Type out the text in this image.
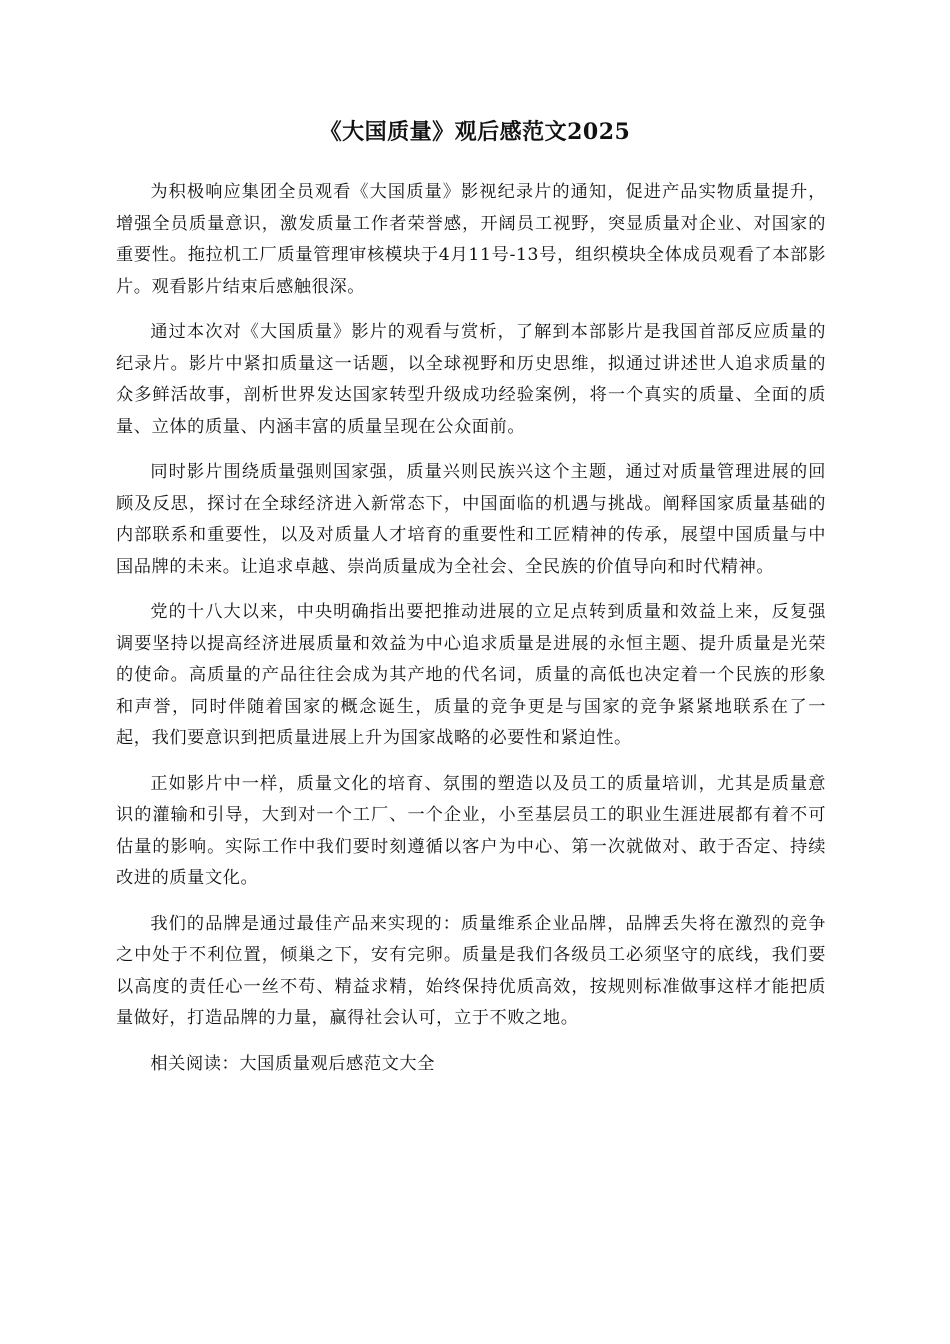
《大国质量》观后感范文2025

为积极响应集团全员观看《大国质量》影视纪录片的通知，促进产品实物质量提升，增强全员质量意识，激发质量工作者荣誉感，开阔员工视野，突显质量对企业、对国家的重要性。拖拉机工厂质量管理审核模块于4月11号-13号，组织模块全体成员观看了本部影片。观看影片结束后感触很深。

通过本次对《大国质量》影片的观看与赏析，了解到本部影片是我国首部反应质量的纪录片。影片中紧扣质量这一话题，以全球视野和历史思维，拟通过讲述世人追求质量的众多鲜活故事，剖析世界发达国家转型升级成功经验案例，将一个真实的质量、全面的质量、立体的质量、内涵丰富的质量呈现在公众面前。

同时影片围绕质量强则国家强，质量兴则民族兴这个主题，通过对质量管理进展的回顾及反思，探讨在全球经济进入新常态下，中国面临的机遇与挑战。阐释国家质量基础的内部联系和重要性，以及对质量人才培育的重要性和工匠精神的传承，展望中国质量与中国品牌的未来。让追求卓越、崇尚质量成为全社会、全民族的价值导向和时代精神。

党的十八大以来，中央明确指出要把推动进展的立足点转到质量和效益上来，反复强调要坚持以提高经济进展质量和效益为中心追求质量是进展的永恒主题、提升质量是光荣的使命。高质量的产品往往会成为其产地的代名词，质量的高低也决定着一个民族的形象和声誉，同时伴随着国家的概念诞生，质量的竞争更是与国家的竞争紧紧地联系在了一起，我们要意识到把质量进展上升为国家战略的必要性和紧迫性。

正如影片中一样，质量文化的培育、氛围的塑造以及员工的质量培训，尤其是质量意识的灌输和引导，大到对一个工厂、一个企业，小至基层员工的职业生涯进展都有着不可估量的影响。实际工作中我们要时刻遵循以客户为中心、第一次就做对、敢于否定、持续改进的质量文化。

我们的品牌是通过最佳产品来实现的：质量维系企业品牌，品牌丢失将在激烈的竞争之中处于不利位置，倾巢之下，安有完卵。质量是我们各级员工必须坚守的底线，我们要以高度的责任心一丝不苟、精益求精，始终保持优质高效，按规则标准做事这样才能把质量做好，打造品牌的力量，赢得社会认可，立于不败之地。

相关阅读：大国质量观后感范文大全
